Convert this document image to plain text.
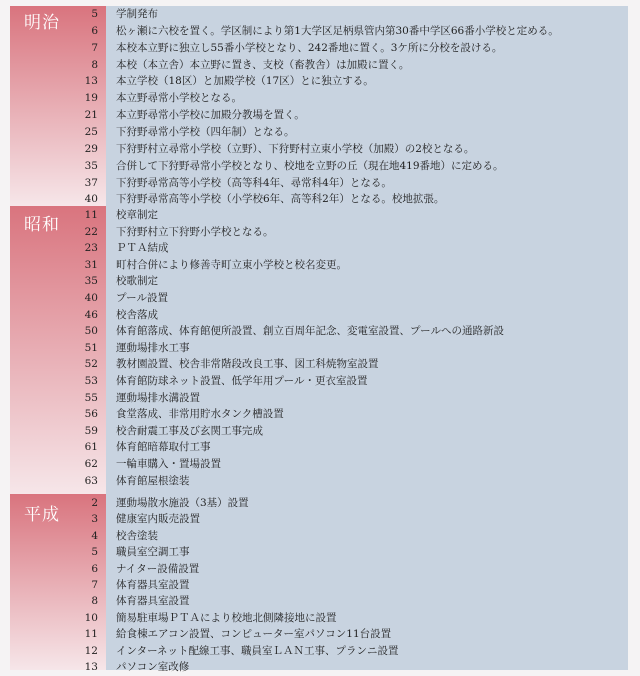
明治	5 学制発布
6 松ヶ瀬に六校を置く。学区制により第1大学区足柄県管内第30番中学区66番小学校と定める。
7 本校本立野に独立し55番小学校となり、242番地に置く。3ケ所に分校を設ける。
8 本校（本立舎）本立野に置き、支校（畜教舎）は加殿に置く。
13 本立学校（18区）と加殿学校（17区）とに独立する。
19 本立野尋常小学校となる。
21 本立野尋常小学校に加殿分教場を置く。
25 下狩野尋常小学校（四年制）となる。
29 下狩野村立尋常小学校（立野）、下狩野村立東小学校（加殿）の2校となる。
35 合併して下狩野尋常小学校となり、校地を立野の丘（現在地419番地）に定める。
37 下狩野尋常高等小学校（高等科4年、尋常科4年）となる。
40 下狩野尋常高等小学校（小学校6年、高等科2年）となる。校地拡張。
昭和	11 校章制定
22 下狩野村立下狩野小学校となる。
23 ＰＴＡ結成
31 町村合併により修善寺町立東小学校と校名変更。
35 校歌制定
40 プール設置
46 校舎落成
50 体育館落成、体育館便所設置、創立百周年記念、変電室設置、プールへの通路新設
51 運動場排水工事
52 教材園設置、校舎非常階段改良工事、図工科焼物室設置
53 体育館防球ネット設置、低学年用プール・更衣室設置
55 運動場排水溝設置
56 食堂落成、非常用貯水タンク槽設置
59 校舎耐震工事及び玄関工事完成
61 体育館暗幕取付工事
62 一輪車購入・置場設置
63 体育館屋根塗装
平成
2 運動場散水施設（3基）設置
3 健康室内販売設置
4 校舎塗装
5 職員室空調工事
6 ナイター設備設置
7 体育器具室設置
8 体育器具室設置
10 簡易駐車場ＰＴＡにより校地北側隣接地に設置
11 給食棟エアコン設置、コンピューター室パソコン11台設置
12 インターネット配線工事、職員室ＬＡＮ工事、プランニ設置
13 パソコン室改修
